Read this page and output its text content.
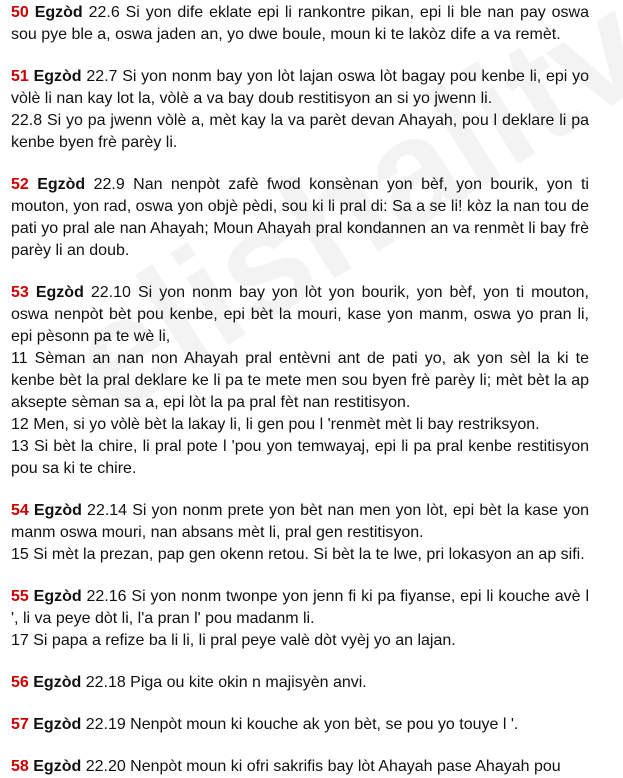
50 Egzòd 22.6 Si yon dife eklate epi li rankontre pikan, epi li ble nan pay oswa sou pye ble a, oswa jaden an, yo dwe boule, moun ki te lakòz dife a va remèt.

51 Egzòd 22.7 Si yon nonm bay yon lòt lajan oswa lòt bagay pou kenbe li, epi yo vòlè li nan kay lot la, vòlè a va bay doub restitisyon an si yo jwenn li.

22.8 Si yo pa jwenn vòlè a, mèt kay la va parèt devan Ahayah, pou l deklare li pa kenbe byen frè parèy li.

52 Egzòd 22.9 Nan nenpòt zafè fwod konsènan yon bèf, yon bourik, yon ti mouton, yon rad, oswa yon objè pèdi, sou ki li pral di: Sa a se li! kòz la nan tou de pati yo pral ale nan Ahayah; Moun Ahayah pral kondannen an va renmèt li bay frè parèy li an doub.

53 Egzòd 22.10 Si yon nonm bay yon lòt yon bourik, yon bèf, yon ti mouton, oswa nenpòt bèt pou kenbe, epi bèt la mouri, kase yon manm, oswa yo pran li, epi pèsonn pa te wè li,

11 Sèman an nan non Ahayah pral entèvni ant de pati yo, ak yon sèl la ki te kenbe bèt la pral deklare ke li pa te mete men sou byen frè parèy li; mèt bèt la ap aksepte sèman sa a, epi lòt la pa pral fèt nan restitisyon.

12 Men, si yo vòlè bèt la lakay li, li gen pou l 'renmèt mèt li bay restriksyon.

13 Si bèt la chire, li pral pote l 'pou yon temwayaj, epi li pa pral kenbe restitisyon pou sa ki te chire.

54 Egzòd 22.14 Si yon nonm prete yon bèt nan men yon lòt, epi bèt la kase yon manm oswa mouri, nan absans mèt li, pral gen restitisyon.

15 Si mèt la prezan, pap gen okenn retou. Si bèt la te lwe, pri lokasyon an ap sifi.

55 Egzòd 22.16 Si yon nonm twonpe yon jenn fi ki pa fiyanse, epi li kouche avè l ', li va peye dòt li, l'a pran l' pou madanm li.

17 Si papa a refize ba li li, li pral peye valè dòt vyèj yo an lajan.

56 Egzòd 22.18 Piga ou kite okin n majisyèn anvi.

57 Egzòd 22.19 Nenpòt moun ki kouche ak yon bèt, se pou yo touye l '.

58 Egzòd 22.20 Nenpòt moun ki ofri sakrifis bay lòt Ahayah pase Ahayah pou
